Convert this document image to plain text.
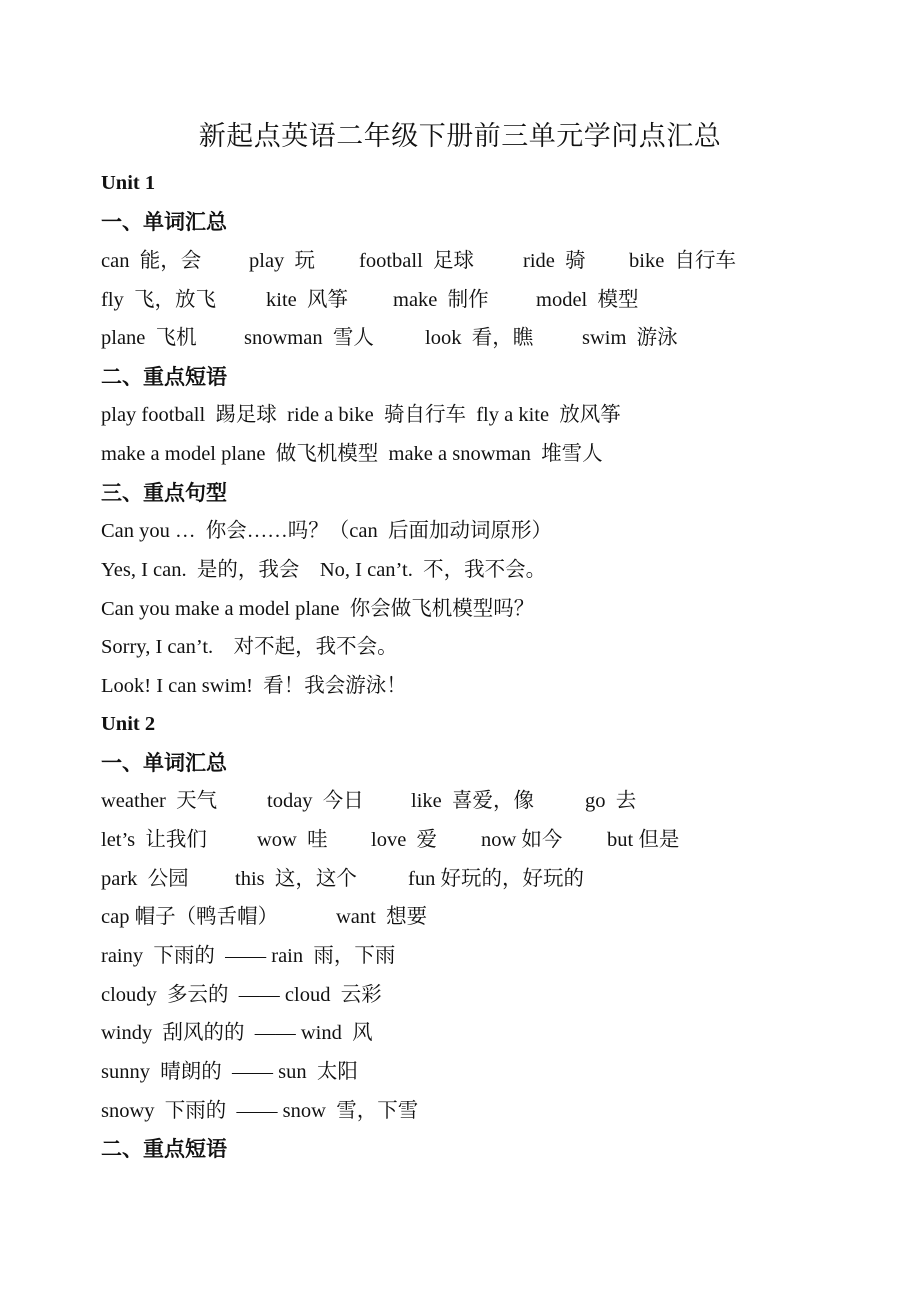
新起点英语二年级下册前三单元学问点汇总
Unit 1
一、单词汇总
can  能，会 play  玩 football  足球 ride  骑 bike  自行车
fly  飞，放飞 kite  风筝 make  制作 model  模型
plane  飞机 snowman  雪人 look  看，瞧 swim  游泳
二、重点短语
play football  踢足球  ride a bike  骑自行车  fly a kite  放风筝
make a model plane  做飞机模型  make a snowman  堆雪人
三、重点句型
Can you …  你会……吗？（can  后面加动词原形）
Yes, I can.  是的，我会    No, I can’t.  不，我不会。
Can you make a model plane  你会做飞机模型吗？
Sorry, I can’t.    对不起，我不会。
Look! I can swim!  看！我会游泳！
Unit 2
一、单词汇总
weather  天气 today  今日 like  喜爱，像 go  去
let’s  让我们 wow  哇 love  爱 now 如今 but 但是
park  公园 this  这，这个 fun 好玩的，好玩的
cap 帽子（鸭舌帽）	want  想要
rainy  下雨的  —— rain  雨，下雨
cloudy  多云的  —— cloud  云彩
windy  刮风的的  —— wind  风
sunny  晴朗的  —— sun  太阳
snowy  下雨的  —— snow  雪，下雪
二、重点短语
